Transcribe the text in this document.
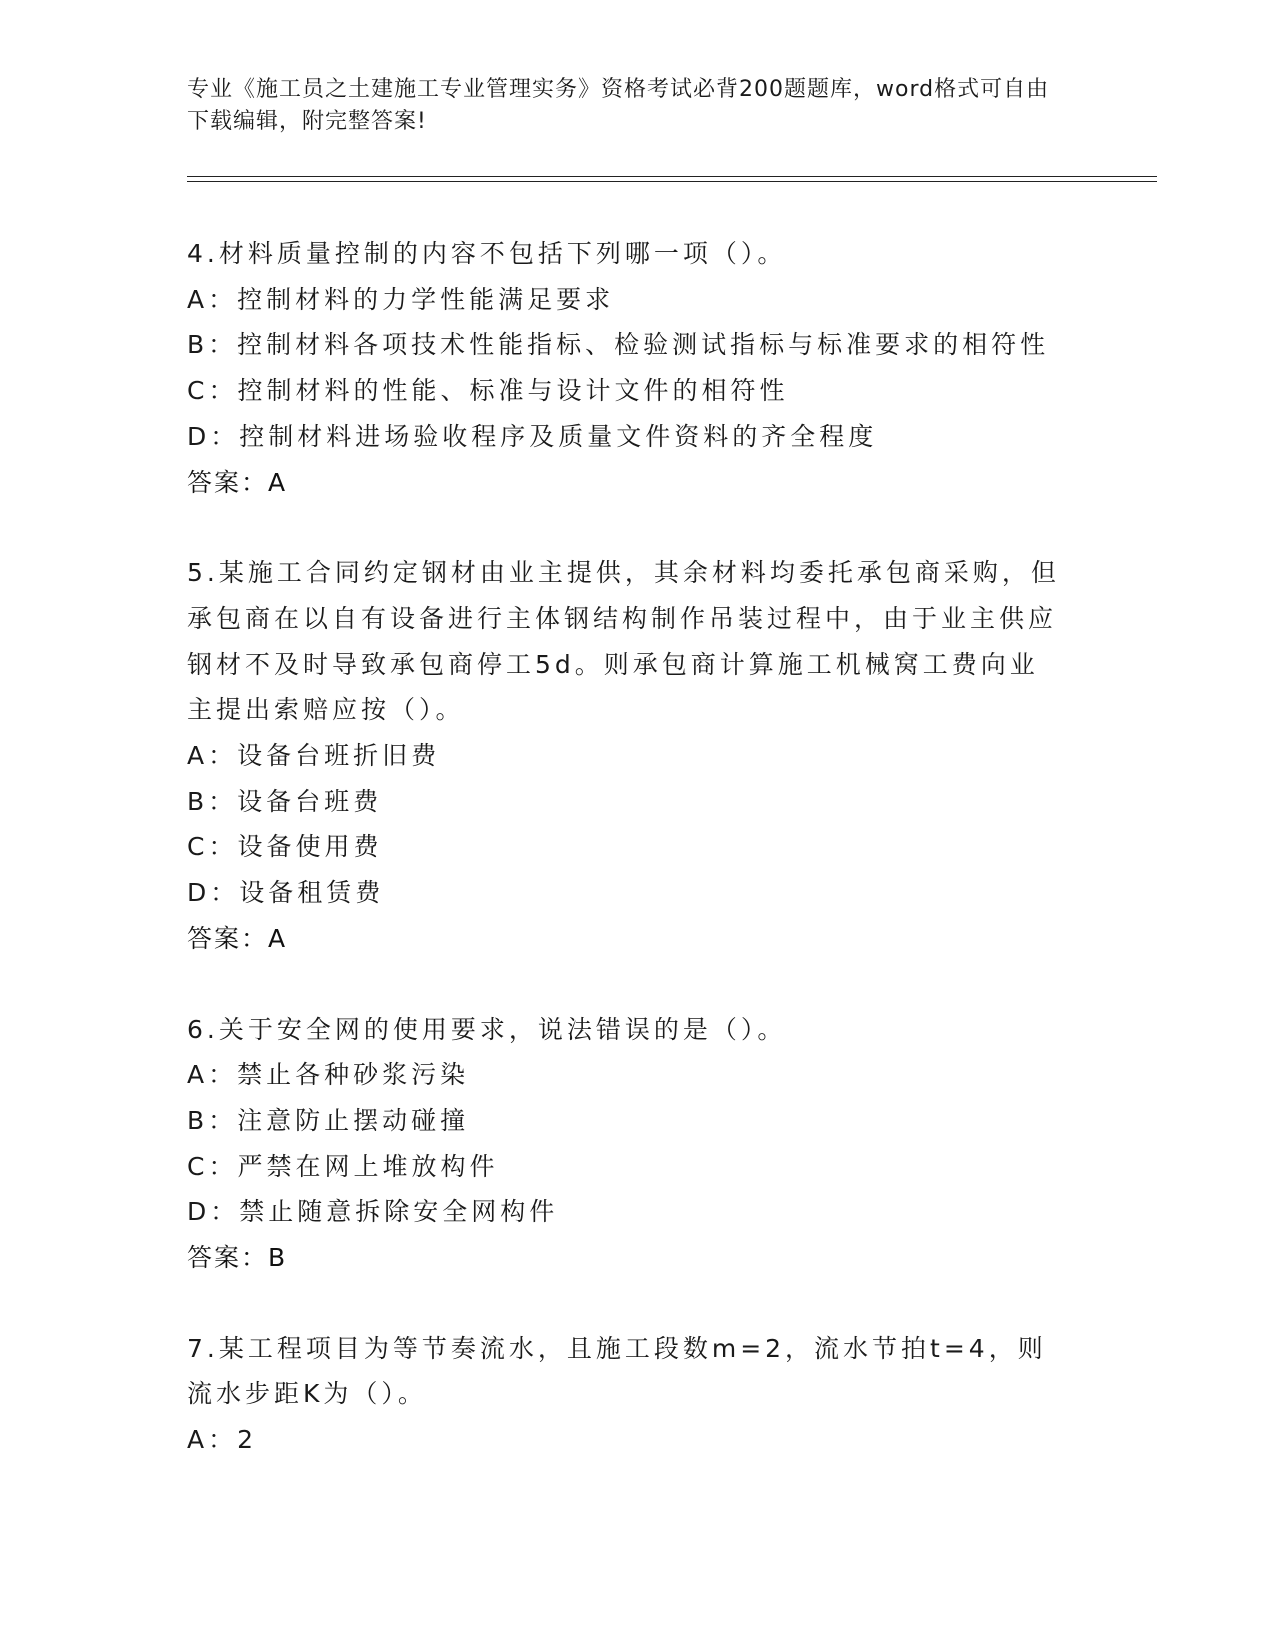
专业《施工员之土建施工专业管理实务》资格考试必背200题题库，word格式可自由下载编辑，附完整答案!
4.材料质量控制的内容不包括下列哪一项（）。
A：控制材料的力学性能满足要求
B：控制材料各项技术性能指标、检验测试指标与标准要求的相符性
C：控制材料的性能、标准与设计文件的相符性
D：控制材料进场验收程序及质量文件资料的齐全程度
答案：A
5.某施工合同约定钢材由业主提供，其余材料均委托承包商采购，但承包商在以自有设备进行主体钢结构制作吊装过程中，由于业主供应钢材不及时导致承包商停工5d。则承包商计算施工机械窝工费向业主提出索赔应按（）。
A：设备台班折旧费
B：设备台班费
C：设备使用费
D：设备租赁费
答案：A
6.关于安全网的使用要求，说法错误的是（）。
A：禁止各种砂浆污染
B：注意防止摆动碰撞
C：严禁在网上堆放构件
D：禁止随意拆除安全网构件
答案：B
7.某工程项目为等节奏流水，且施工段数m=2，流水节拍t=4，则流水步距K为（）。
A：2
